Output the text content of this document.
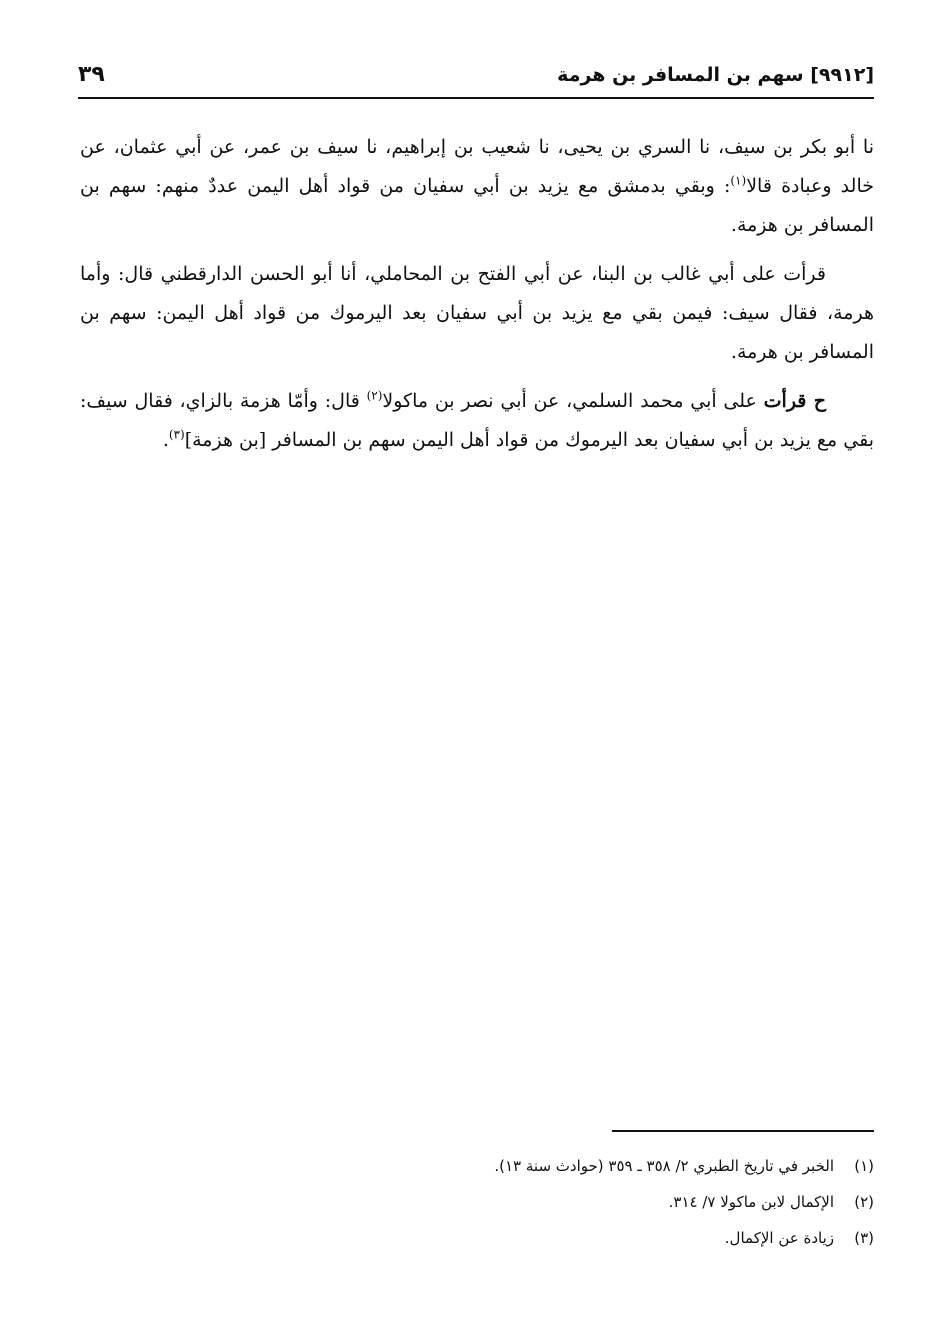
[٩٩١٢] سهم بن المسافر بن هرمة
٣٩

نا أبو بكر بن سيف، نا السري بن يحيى، نا شعيب بن إبراهيم، نا سيف بن عمر، عن أبي عثمان، عن خالد وعبادة قالا$^{(١)}$: وبقي بدمشق مع يزيد بن أبي سفيان من قواد أهل اليمن عددٌ منهم: سهم بن المسافر بن هزمة.

قرأت على أبي غالب بن البنا، عن أبي الفتح بن المحاملي، أنا أبو الحسن الدارقطني قال: وأما هرمة، فقال سيف: فيمن بقي مع يزيد بن أبي سفيان بعد اليرموك من قواد أهل اليمن: سهم بن المسافر بن هرمة.

ح قرأت على أبي محمد السلمي، عن أبي نصر بن ماكولا$^{(٢)}$ قال: وأمّا هزمة بالزاي، فقال سيف: بقي مع يزيد بن أبي سفيان بعد اليرموك من قواد أهل اليمن سهم بن المسافر [بن هزمة]$^{(٣)}$.

(١)الخبر في تاريخ الطبري ٢/ ٣٥٨ ـ ٣٥٩ (حوادث سنة ١٣).
(٢)الإكمال لابن ماكولا ٧/ ٣١٤.
(٣)زيادة عن الإكمال.
